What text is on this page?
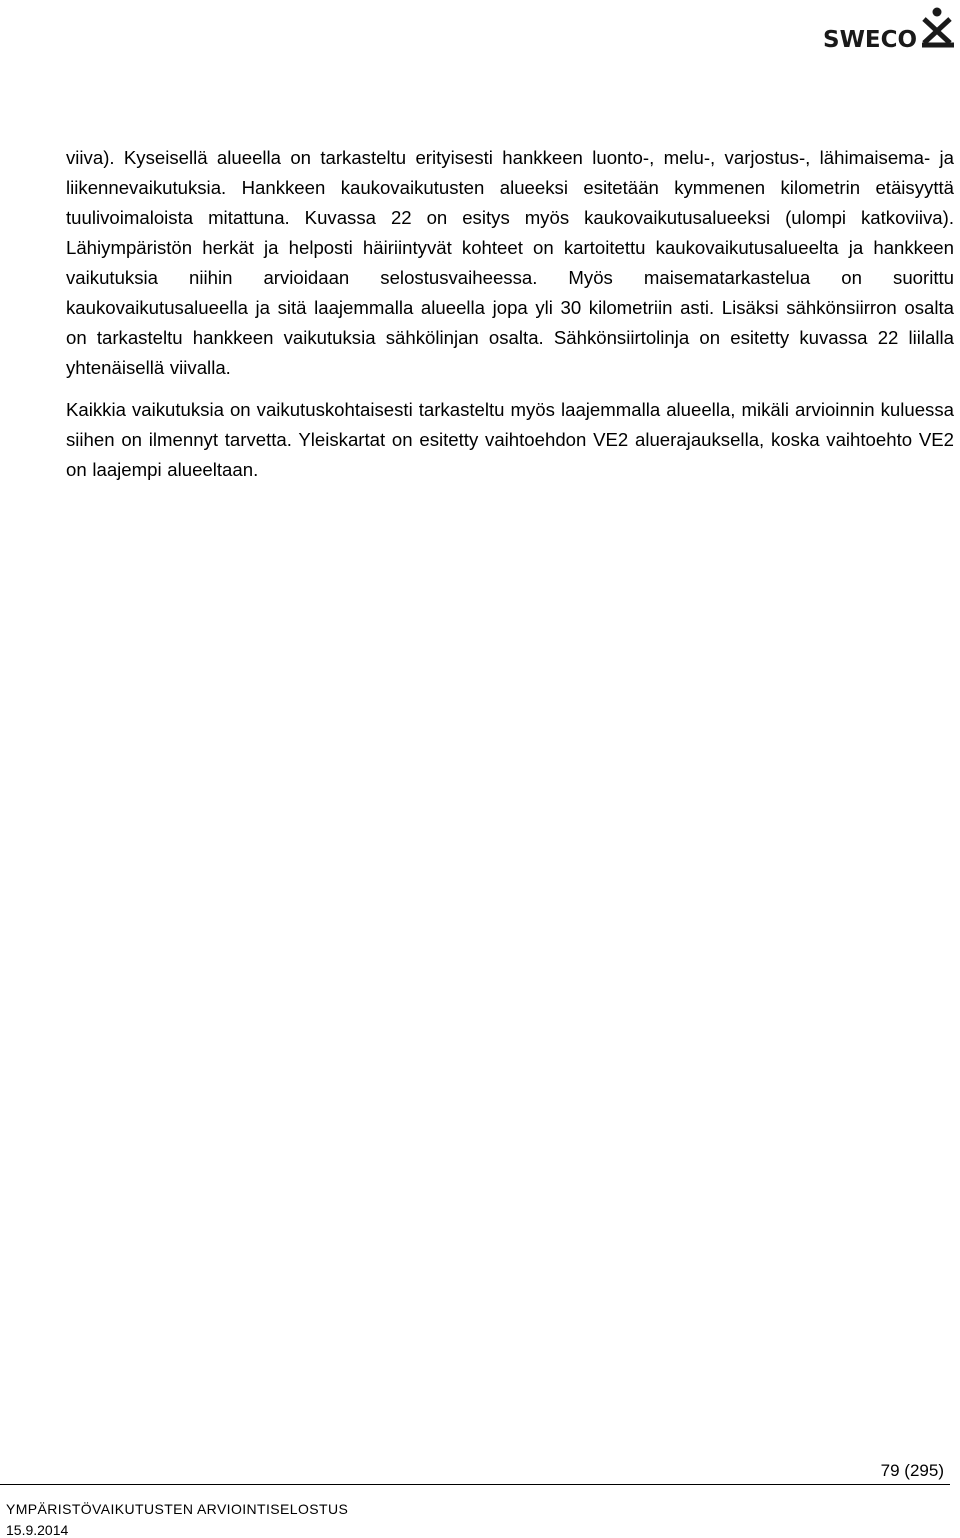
SWECO

viiva). Kyseisellä alueella on tarkasteltu erityisesti hankkeen luonto-, melu-, varjostus-, lähimaisema- ja liikennevaikutuksia. Hankkeen kaukovaikutusten alueeksi esitetään kymmenen kilometrin etäisyyttä tuulivoimaloista mitattuna. Kuvassa 22 on esitys myös kaukovaikutusalueeksi (ulompi katkoviiva). Lähiympäristön herkät ja helposti häiriintyvät kohteet on kartoitettu kaukovaikutusalueelta ja hankkeen vaikutuksia niihin arvioidaan selostusvaiheessa. Myös maisematarkastelua on suorittu kaukovaikutusalueella ja sitä laajemmalla alueella jopa yli 30 kilometriin asti. Lisäksi sähkönsiirron osalta on tarkasteltu hankkeen vaikutuksia sähkölinjan osalta. Sähkönsiirtolinja on esitetty kuvassa 22 liilalla yhtenäisellä viivalla.

Kaikkia vaikutuksia on vaikutuskohtaisesti tarkasteltu myös laajemmalla alueella, mikäli arvioinnin kuluessa siihen on ilmennyt tarvetta. Yleiskartat on esitetty vaihtoehdon VE2 aluerajauksella, koska vaihtoehto VE2 on laajempi alueeltaan.

79 (295)
YMPÄRISTÖVAIKUTUSTEN ARVIOINTISELOSTUS
15.9.2014
